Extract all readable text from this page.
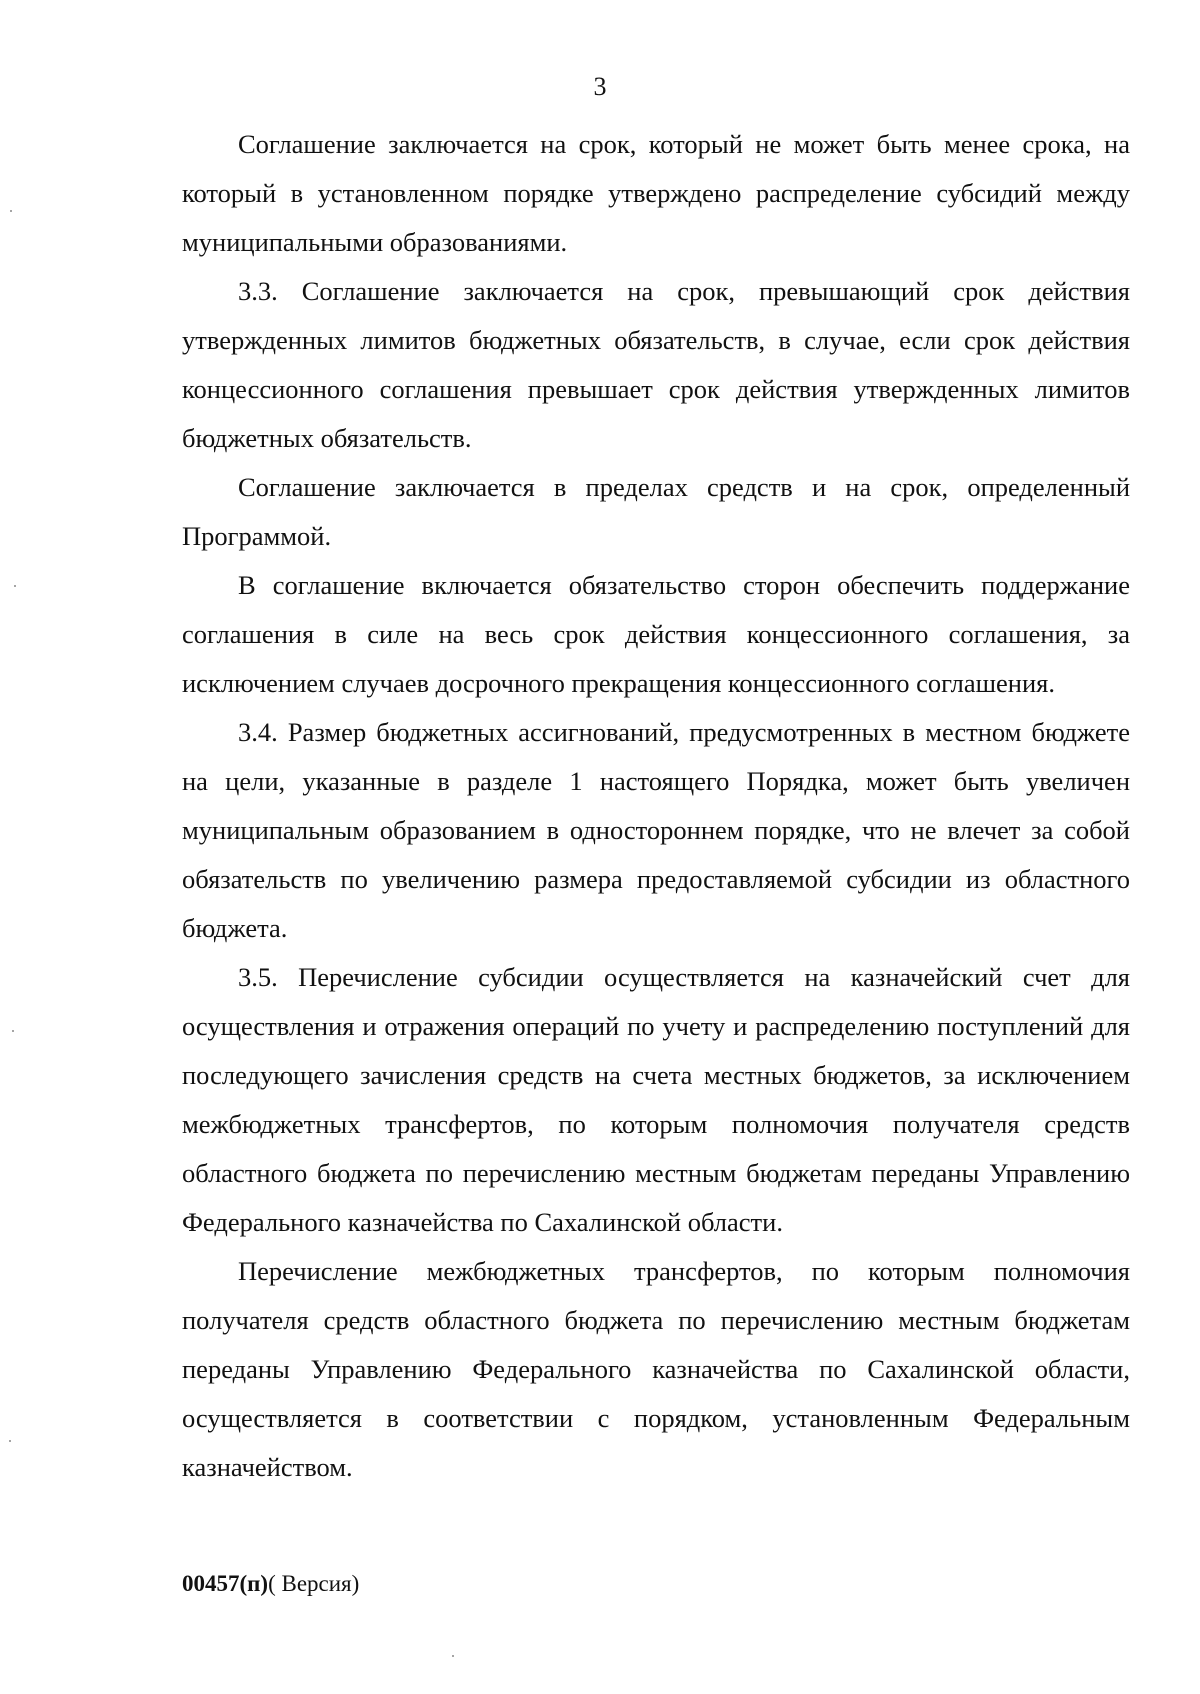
3

Соглашение заключается на срок, который не может быть менее срока, на который в установленном порядке утверждено распределение субсидий между муниципальными образованиями.

3.3. Соглашение заключается на срок, превышающий срок действия утвержденных лимитов бюджетных обязательств, в случае, если срок действия концессионного соглашения превышает срок действия утвержденных лимитов бюджетных обязательств.

Соглашение заключается в пределах средств и на срок, определенный Программой.

В соглашение включается обязательство сторон обеспечить поддержание соглашения в силе на весь срок действия концессионного соглашения, за исключением случаев досрочного прекращения концессионного соглашения.

3.4. Размер бюджетных ассигнований, предусмотренных в местном бюджете на цели, указанные в разделе 1 настоящего Порядка, может быть увеличен муниципальным образованием в одностороннем порядке, что не влечет за собой обязательств по увеличению размера предоставляемой субсидии из областного бюджета.

3.5. Перечисление субсидии осуществляется на казначейский счет для осуществления и отражения операций по учету и распределению поступлений для последующего зачисления средств на счета местных бюджетов, за исключением межбюджетных трансфертов, по которым полномочия получателя средств областного бюджета по перечислению местным бюджетам переданы Управлению Федерального казначейства по Сахалинской области.

Перечисление межбюджетных трансфертов, по которым полномочия получателя средств областного бюджета по перечислению местным бюджетам переданы Управлению Федерального казначейства по Сахалинской области, осуществляется в соответствии с порядком, установленным Федеральным казначейством.

00457(п)( Версия)
